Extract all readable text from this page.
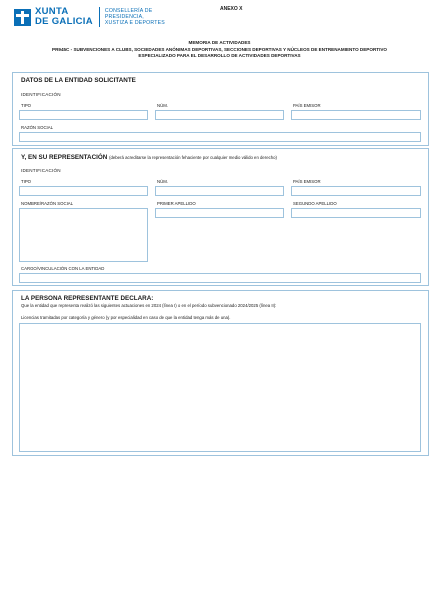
XUNTA
DE GALICIA
CONSELLERÍA DE
PRESIDENCIA,
XUSTIZA E DEPORTES
ANEXO X
MEMORIA DE ACTIVIDADES
PR945C - SUBVENCIONES A CLUBS, SOCIEDADES ANÓNIMAS DEPORTIVAS, SECCIONES DEPORTIVAS Y NÚCLEOS DE ENTRENAMIENTO DEPORTIVO
ESPECIALIZADO PARA EL DESARROLLO DE ACTIVIDADES DEPORTIVAS
DATOS DE LA ENTIDAD SOLICITANTE
IDENTIFICACIÓN
TIPO	NÚM.	PAÍS EMISOR
RAZÓN SOCIAL
Y, EN SU REPRESENTACIÓN (deberá acreditarse la representación fehaciente por cualquier medio válido en derecho)
IDENTIFICACIÓN
TIPO	NÚM.	PAÍS EMISOR
NOMBRE/RAZÓN SOCIAL	PRIMER APELLIDO	SEGUNDO APELLIDO
CARGO/VINCULACIÓN CON LA ENTIDAD
LA PERSONA REPRESENTANTE DECLARA:
Que la entidad que representa realizó las siguientes actuaciones en 2024 (línea I) o en el período subvencionado 2024/2025 (línea II):
Licencias tramitadas por categoría y género (y por especialidad en caso de que la entidad tenga más de una).
